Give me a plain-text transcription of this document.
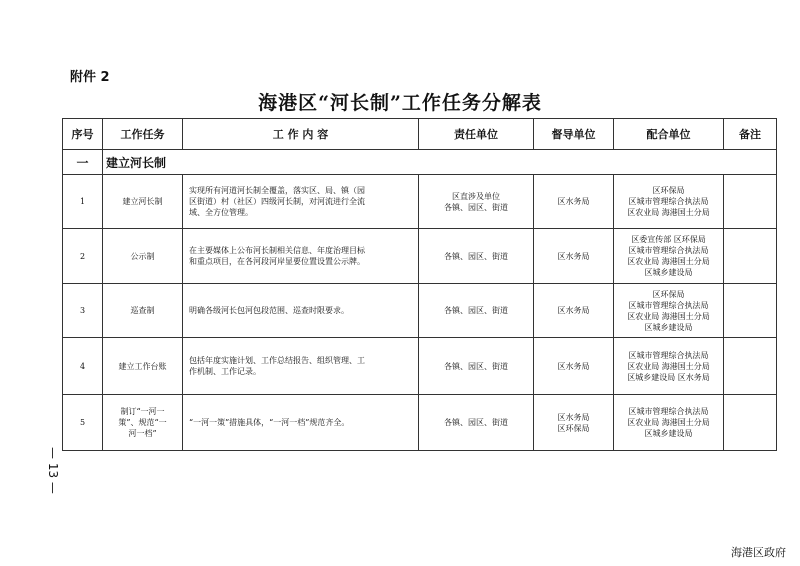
附件 2
海港区“河长制”工作任务分解表
序号	工作任务	工 作 内 容	责任单位	督导单位	配合单位	备注
一	建立河长制					
1	建立河长制	实现所有河道河长制全覆盖，落实区、局、镇（园
区街道）村（社区）四级河长制，对河流进行全流
域、全方位管理。	区直涉及单位
各镇、园区、街道	区水务局	区环保局
区城市管理综合执法局
区农业局 海港国土分局	

2	公示制	在主要媒体上公布河长制相关信息、年度治理目标
和重点项目，在各河段河岸显要位置设置公示牌。	各镇、园区、街道	区水务局	区委宣传部 区环保局
区城市管理综合执法局
区农业局 海港国土分局
区城乡建设局	

3	巡查制	明确各级河长包河包段范围、巡查时限要求。	各镇、园区、街道	区水务局	区环保局
区城市管理综合执法局
区农业局 海港国土分局
区城乡建设局	

4	建立工作台账	包括年度实施计划、工作总结报告、组织管理、工
作机制、工作记录。	各镇、园区、街道	区水务局	区城市管理综合执法局
区农业局 海港国土分局
区城乡建设局 区水务局	

5	制订“一河一
策”、规范“一
河一档”	“一河一策”措施具体，“一河一档”规范齐全。	各镇、园区、街道	区水务局
区环保局	区城市管理综合执法局
区农业局 海港国土分局
区城乡建设局	

— 13 —
海港区政府
